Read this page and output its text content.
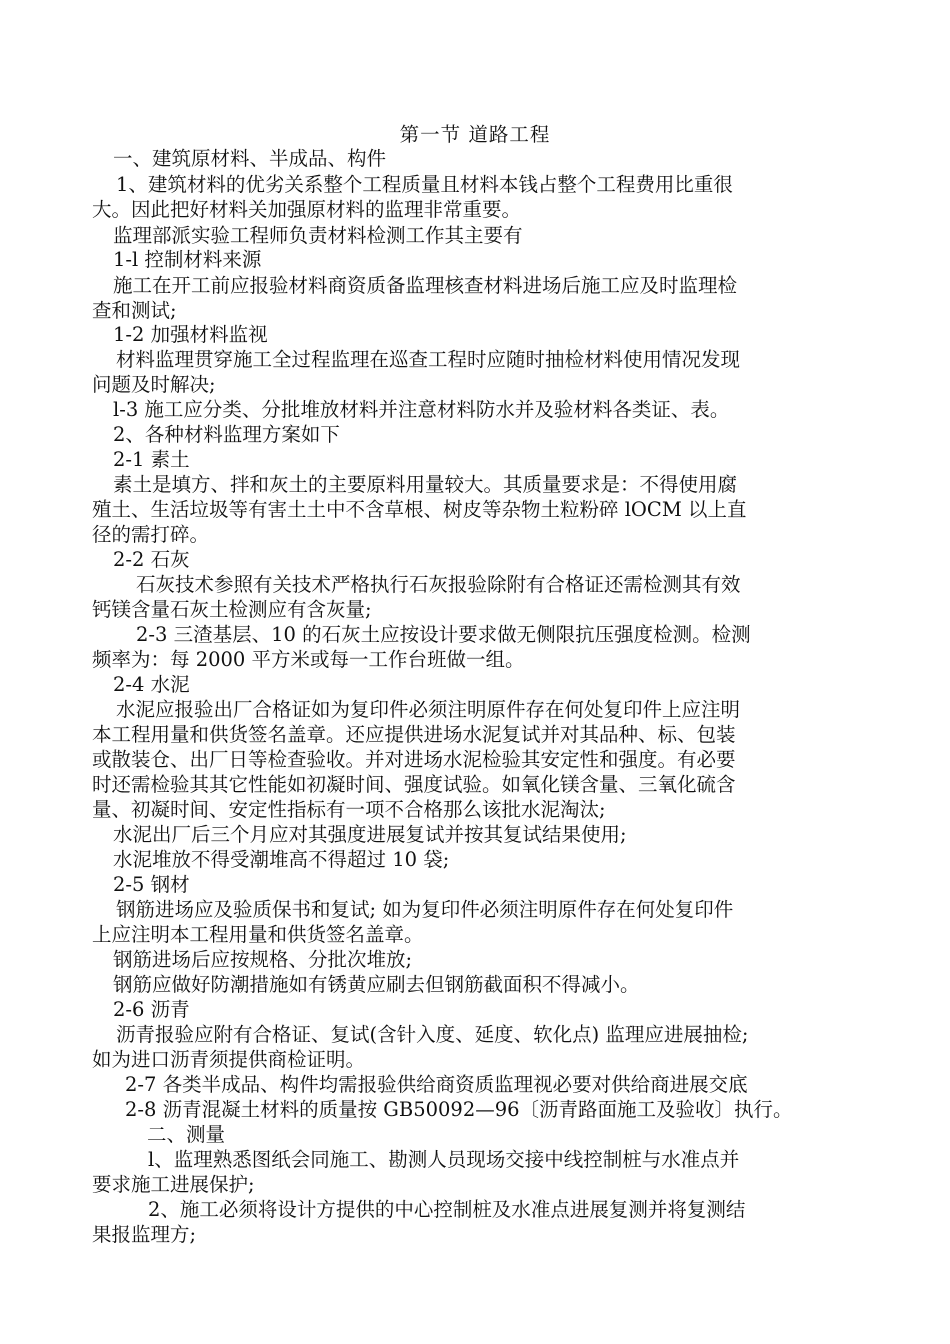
第一节 道路工程
一、建筑原材料、半成品、构件
1、建筑材料的优劣关系整个工程质量且材料本钱占整个工程费用比重很
大。因此把好材料关加强原材料的监理非常重要。
监理部派实验工程师负责材料检测工作其主要有
1-l 控制材料来源
施工在开工前应报验材料商资质备监理核查材料进场后施工应及时监理检
查和测试;
1-2 加强材料监视
材料监理贯穿施工全过程监理在巡查工程时应随时抽检材料使用情况发现
问题及时解决;
l-3 施工应分类、分批堆放材料并注意材料防水并及验材料各类证、表。
2、各种材料监理方案如下
2-1 素土
素土是填方、拌和灰土的主要原料用量较大。其质量要求是：不得使用腐
殖土、生活垃圾等有害土土中不含草根、树皮等杂物土粒粉碎 lOCM 以上直
径的需打碎。
2-2 石灰
石灰技术参照有关技术严格执行石灰报验除附有合格证还需检测其有效
钙镁含量石灰土检测应有含灰量;
2-3 三渣基层、10 的石灰土应按设计要求做无侧限抗压强度检测。检测
频率为：每 2000 平方米或每一工作台班做一组。
2-4 水泥
水泥应报验出厂合格证如为复印件必须注明原件存在何处复印件上应注明
本工程用量和供货签名盖章。还应提供进场水泥复试并对其品种、标、包装
或散装仓、出厂日等检查验收。并对进场水泥检验其安定性和强度。有必要
时还需检验其其它性能如初凝时间、强度试验。如氧化镁含量、三氧化硫含
量、初凝时间、安定性指标有一项不合格那么该批水泥淘汰;
水泥出厂后三个月应对其强度进展复试并按其复试结果使用;
水泥堆放不得受潮堆高不得超过 10 袋;
2-5 钢材
钢筋进场应及验质保书和复试; 如为复印件必须注明原件存在何处复印件
上应注明本工程用量和供货签名盖章。
钢筋进场后应按规格、分批次堆放;
钢筋应做好防潮措施如有锈黄应刷去但钢筋截面积不得减小。
2-6 沥青
沥青报验应附有合格证、复试(含针入度、延度、软化点) 监理应进展抽检;
如为进口沥青须提供商检证明。
2-7 各类半成品、构件均需报验供给商资质监理视必要对供给商进展交底
2-8 沥青混凝土材料的质量按 GB50092—96〔沥青路面施工及验收〕执行。
二、测量
l、监理熟悉图纸会同施工、勘测人员现场交接中线控制桩与水准点并
要求施工进展保护;
2、施工必须将设计方提供的中心控制桩及水准点进展复测并将复测结
果报监理方;
